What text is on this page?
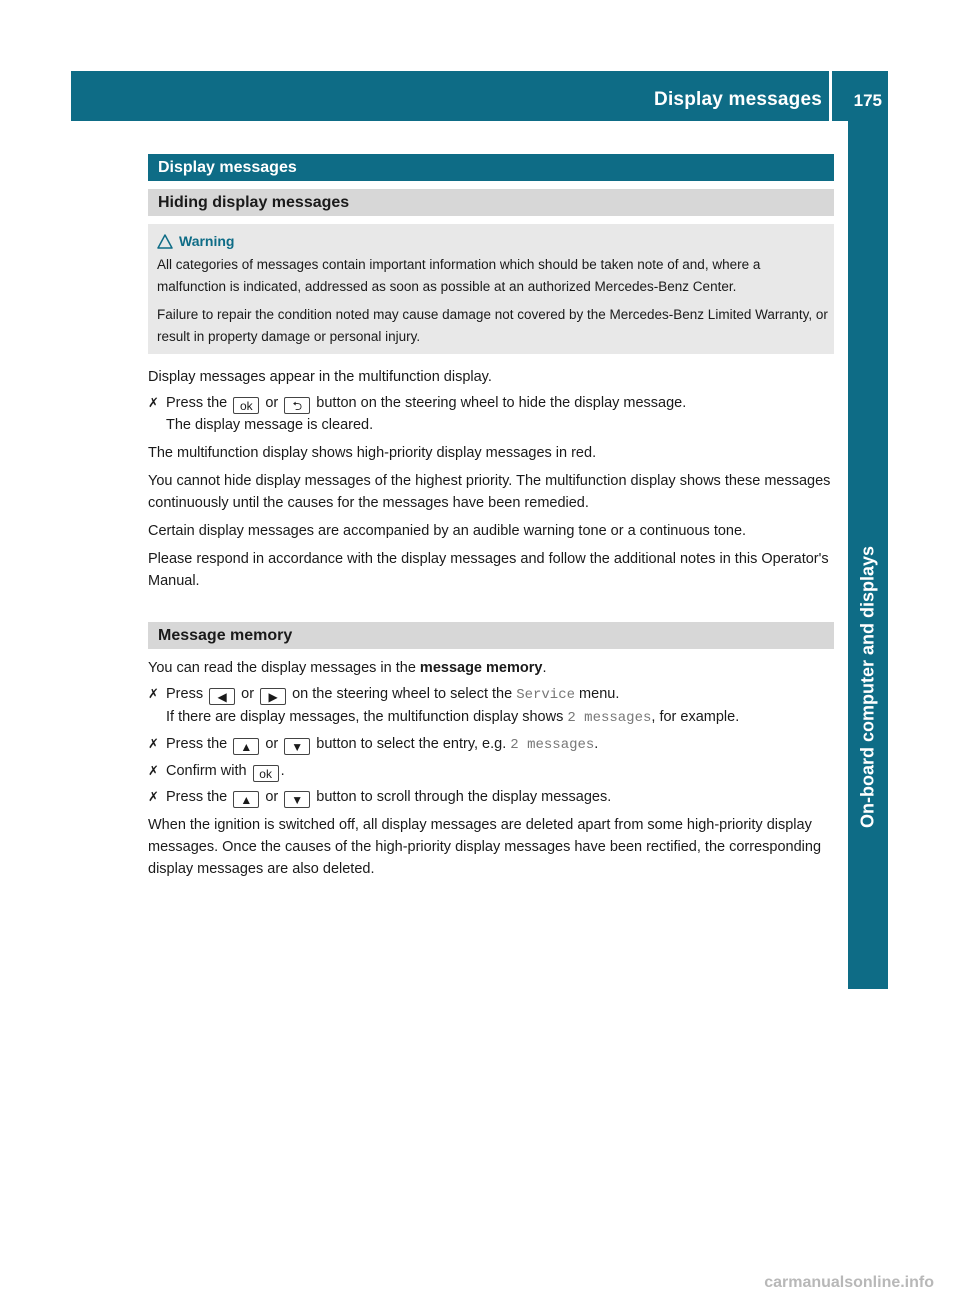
Display messages 175
On-board computer and displays
Display messages
Hiding display messages
Warning

All categories of messages contain important information which should be taken note of and, where a malfunction is indicated, addressed as soon as possible at an authorized Mercedes-Benz Center.

Failure to repair the condition noted may cause damage not covered by the Mercedes-Benz Limited Warranty, or result in property damage or personal injury.

Display messages appear in the multifunction display.

✗ Press the ok or ⮌ button on the steering wheel to hide the display message.
The display message is cleared.

The multifunction display shows high-priority display messages in red.

You cannot hide display messages of the highest priority. The multifunction display shows these messages continuously until the causes for the messages have been remedied.

Certain display messages are accompanied by an audible warning tone or a continuous tone.

Please respond in accordance with the display messages and follow the additional notes in this Operator's Manual.

Message memory

You can read the display messages in the message memory.

✗ Press ◀ or ▶ on the steering wheel to select the Service menu.
If there are display messages, the multifunction display shows 2 messages, for example.
✗ Press the ▲ or ▼ button to select the entry, e.g. 2 messages.
✗ Confirm with ok .
✗ Press the ▲ or ▼ button to scroll through the display messages.

When the ignition is switched off, all display messages are deleted apart from some high-priority display messages. Once the causes of the high-priority display messages have been rectified, the corresponding display messages are also deleted.

carmanualsonline.info
